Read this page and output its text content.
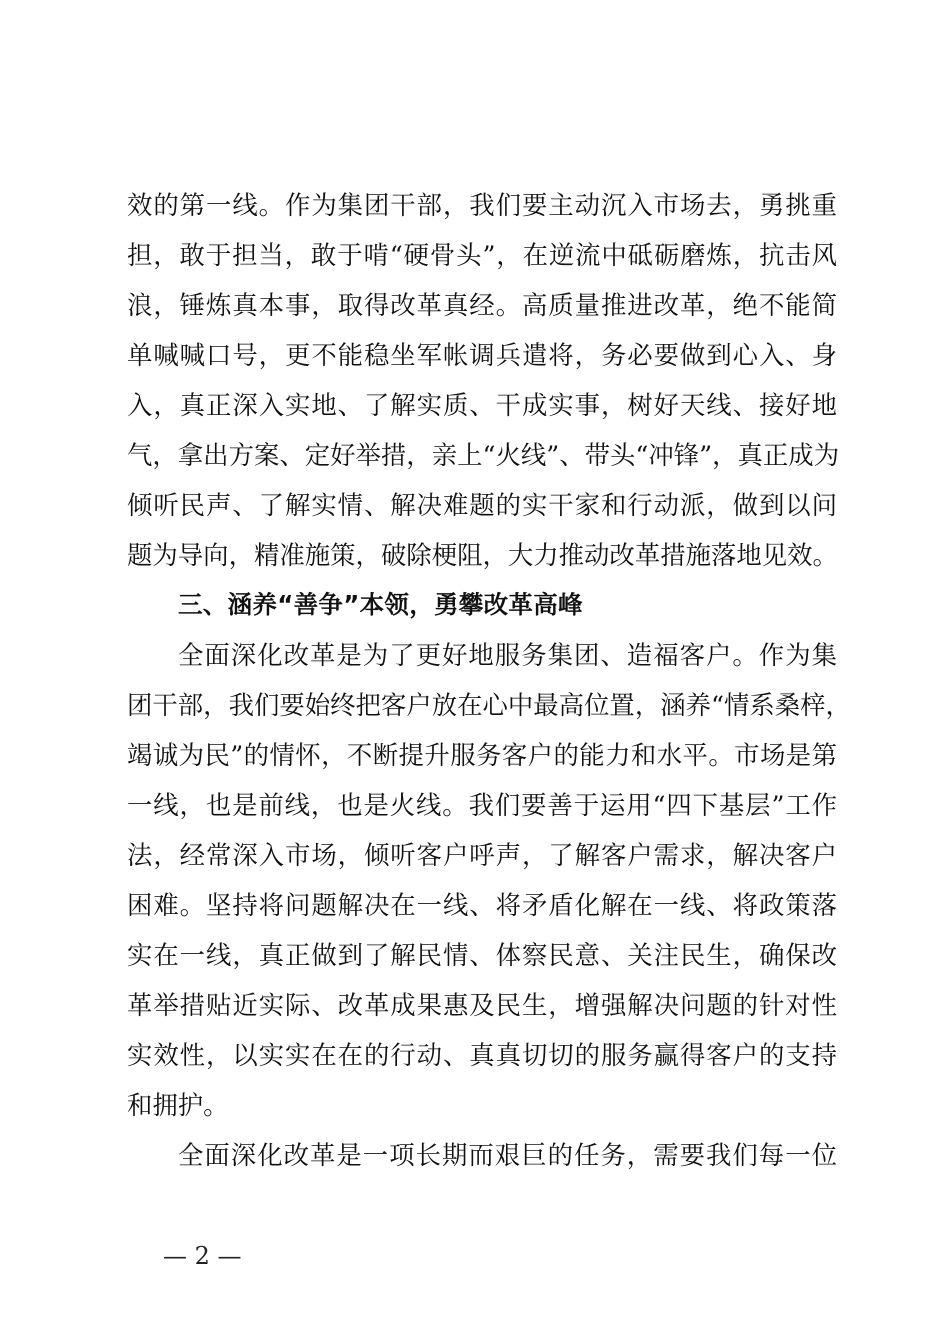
效的第一线。作为集团干部，我们要主动沉入市场去，勇挑重
担，敢于担当，敢于啃“硬骨头”，在逆流中砥砺磨炼，抗击风
浪，锤炼真本事，取得改革真经。高质量推进改革，绝不能简
单喊喊口号，更不能稳坐军帐调兵遣将，务必要做到心入、身
入，真正深入实地、了解实质、干成实事，树好天线、接好地
气，拿出方案、定好举措，亲上“火线”、带头“冲锋”，真正成为
倾听民声、了解实情、解决难题的实干家和行动派，做到以问
题为导向，精准施策，破除梗阻，大力推动改革措施落地见效。
三、涵养“善争”本领，勇攀改革高峰
全面深化改革是为了更好地服务集团、造福客户。作为集
团干部，我们要始终把客户放在心中最高位置，涵养“情系桑梓，
竭诚为民”的情怀，不断提升服务客户的能力和水平。市场是第
一线，也是前线，也是火线。我们要善于运用“四下基层”工作
法，经常深入市场，倾听客户呼声，了解客户需求，解决客户
困难。坚持将问题解决在一线、将矛盾化解在一线、将政策落
实在一线，真正做到了解民情、体察民意、关注民生，确保改
革举措贴近实际、改革成果惠及民生，增强解决问题的针对性
实效性，以实实在在的行动、真真切切的服务赢得客户的支持
和拥护。
全面深化改革是一项长期而艰巨的任务，需要我们每一位
— 2 —
